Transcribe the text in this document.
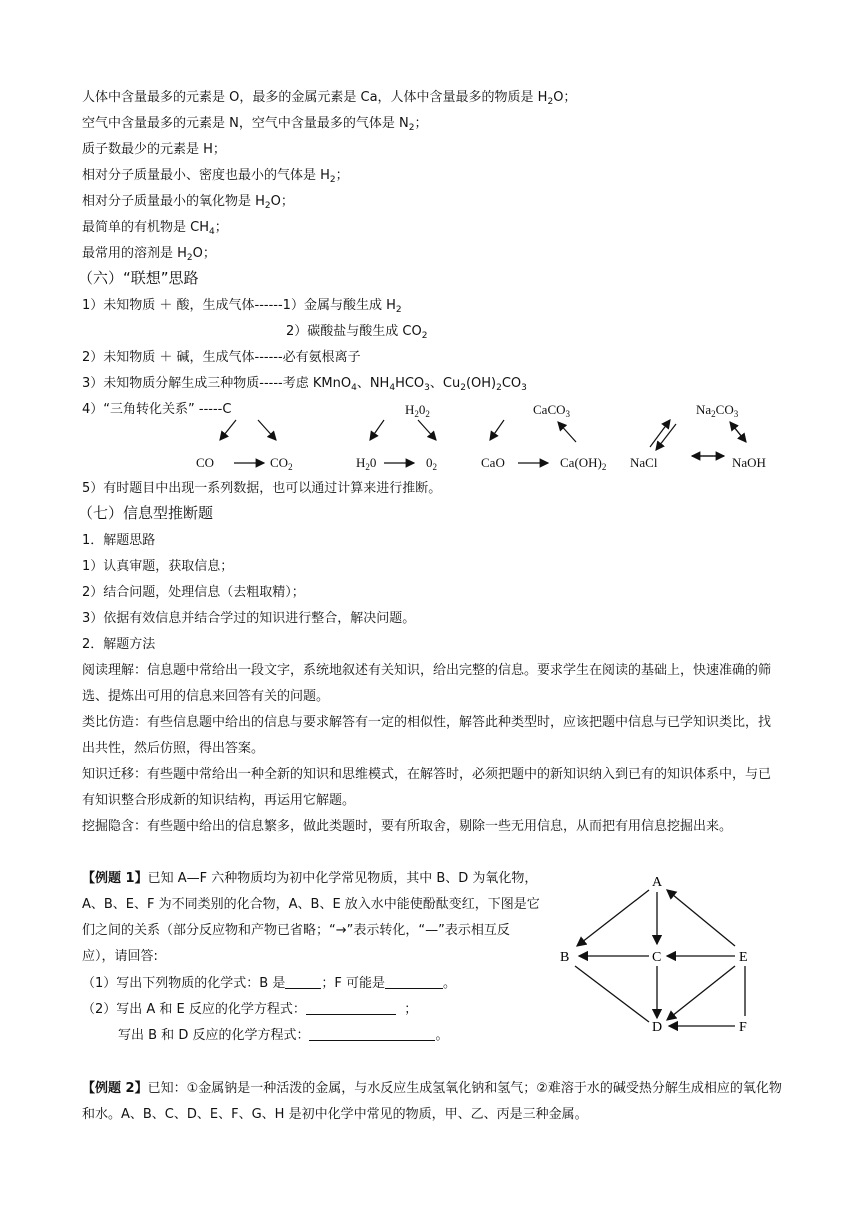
人体中含量最多的元素是 O，最多的金属元素是 Ca，人体中含量最多的物质是 $H_2O$；
空气中含量最多的元素是 N，空气中含量最多的气体是 $N_2$；
质子数最少的元素是 H；
相对分子质量最小、密度也最小的气体是 $H_2$；
相对分子质量最小的氧化物是 $H_2O$；
最简单的有机物是 $CH_4$；
最常用的溶剂是 $H_2O$；
（六）“联想”思路
1）未知物质 ＋ 酸，生成气体------1）金属与酸生成 $H_2$
2）碳酸盐与酸生成 $CO_2$
2）未知物质 ＋ 碱，生成气体------必有氨根离子
3）未知物质分解生成三种物质-----考虑 KMnO$_4$、$NH_4HCO_3$、$Cu_2(OH)_2CO_3$
4）“三角转化关系” -----C	$H_20_2$	CaCO$_3$	$Na_2CO_3$
CO	$CO_2$	$H_20$	$0_2$	CaO	$Ca(OH)_2$ NaCl	NaOH
5）有时题目中出现一系列数据，也可以通过计算来进行推断。
（七）信息型推断题
1．解题思路
1）认真审题，获取信息；
2）结合问题，处理信息（去粗取精）；
3）依据有效信息并结合学过的知识进行整合，解决问题。
2．解题方法
阅读理解：信息题中常给出一段文字，系统地叙述有关知识，给出完整的信息。要求学生在阅读的基础上，快速准确的筛选、提炼出可用的信息来回答有关的问题。
类比仿造：有些信息题中给出的信息与要求解答有一定的相似性，解答此种类型时，应该把题中信息与已学知识类比，找出共性，然后仿照，得出答案。
知识迁移：有些题中常给出一种全新的知识和思维模式，在解答时，必须把题中的新知识纳入到已有的知识体系中，与已有知识整合形成新的知识结构，再运用它解题。
挖掘隐含：有些题中给出的信息繁多，做此类题时，要有所取舍，剔除一些无用信息，从而把有用信息挖掘出来。
【例题 1】已知 A—F 六种物质均为初中化学常见物质，其中 B、D 为氧化物，A、B、E、F 为不同类别的化合物，A、B、E 放入水中能使酚酞变红，下图是它们之间的关系（部分反应物和产物已省略；“→”表示转化，“—”表示相互反应），请回答:
（1）写出下列物质的化学式：B 是	；F 可能是	。
（2）写出 A 和 E 反应的化学方程式：	；
写出 B 和 D 反应的化学方程式：	。
A
B	C	E
D	F
【例题 2】已知：①金属钠是一种活泼的金属，与水反应生成氢氧化钠和氢气；②难溶于水的碱受热分解生成相应的氧化物和水。A、B、C、D、E、F、G、H 是初中化学中常见的物质，甲、乙、丙是三种金属。
